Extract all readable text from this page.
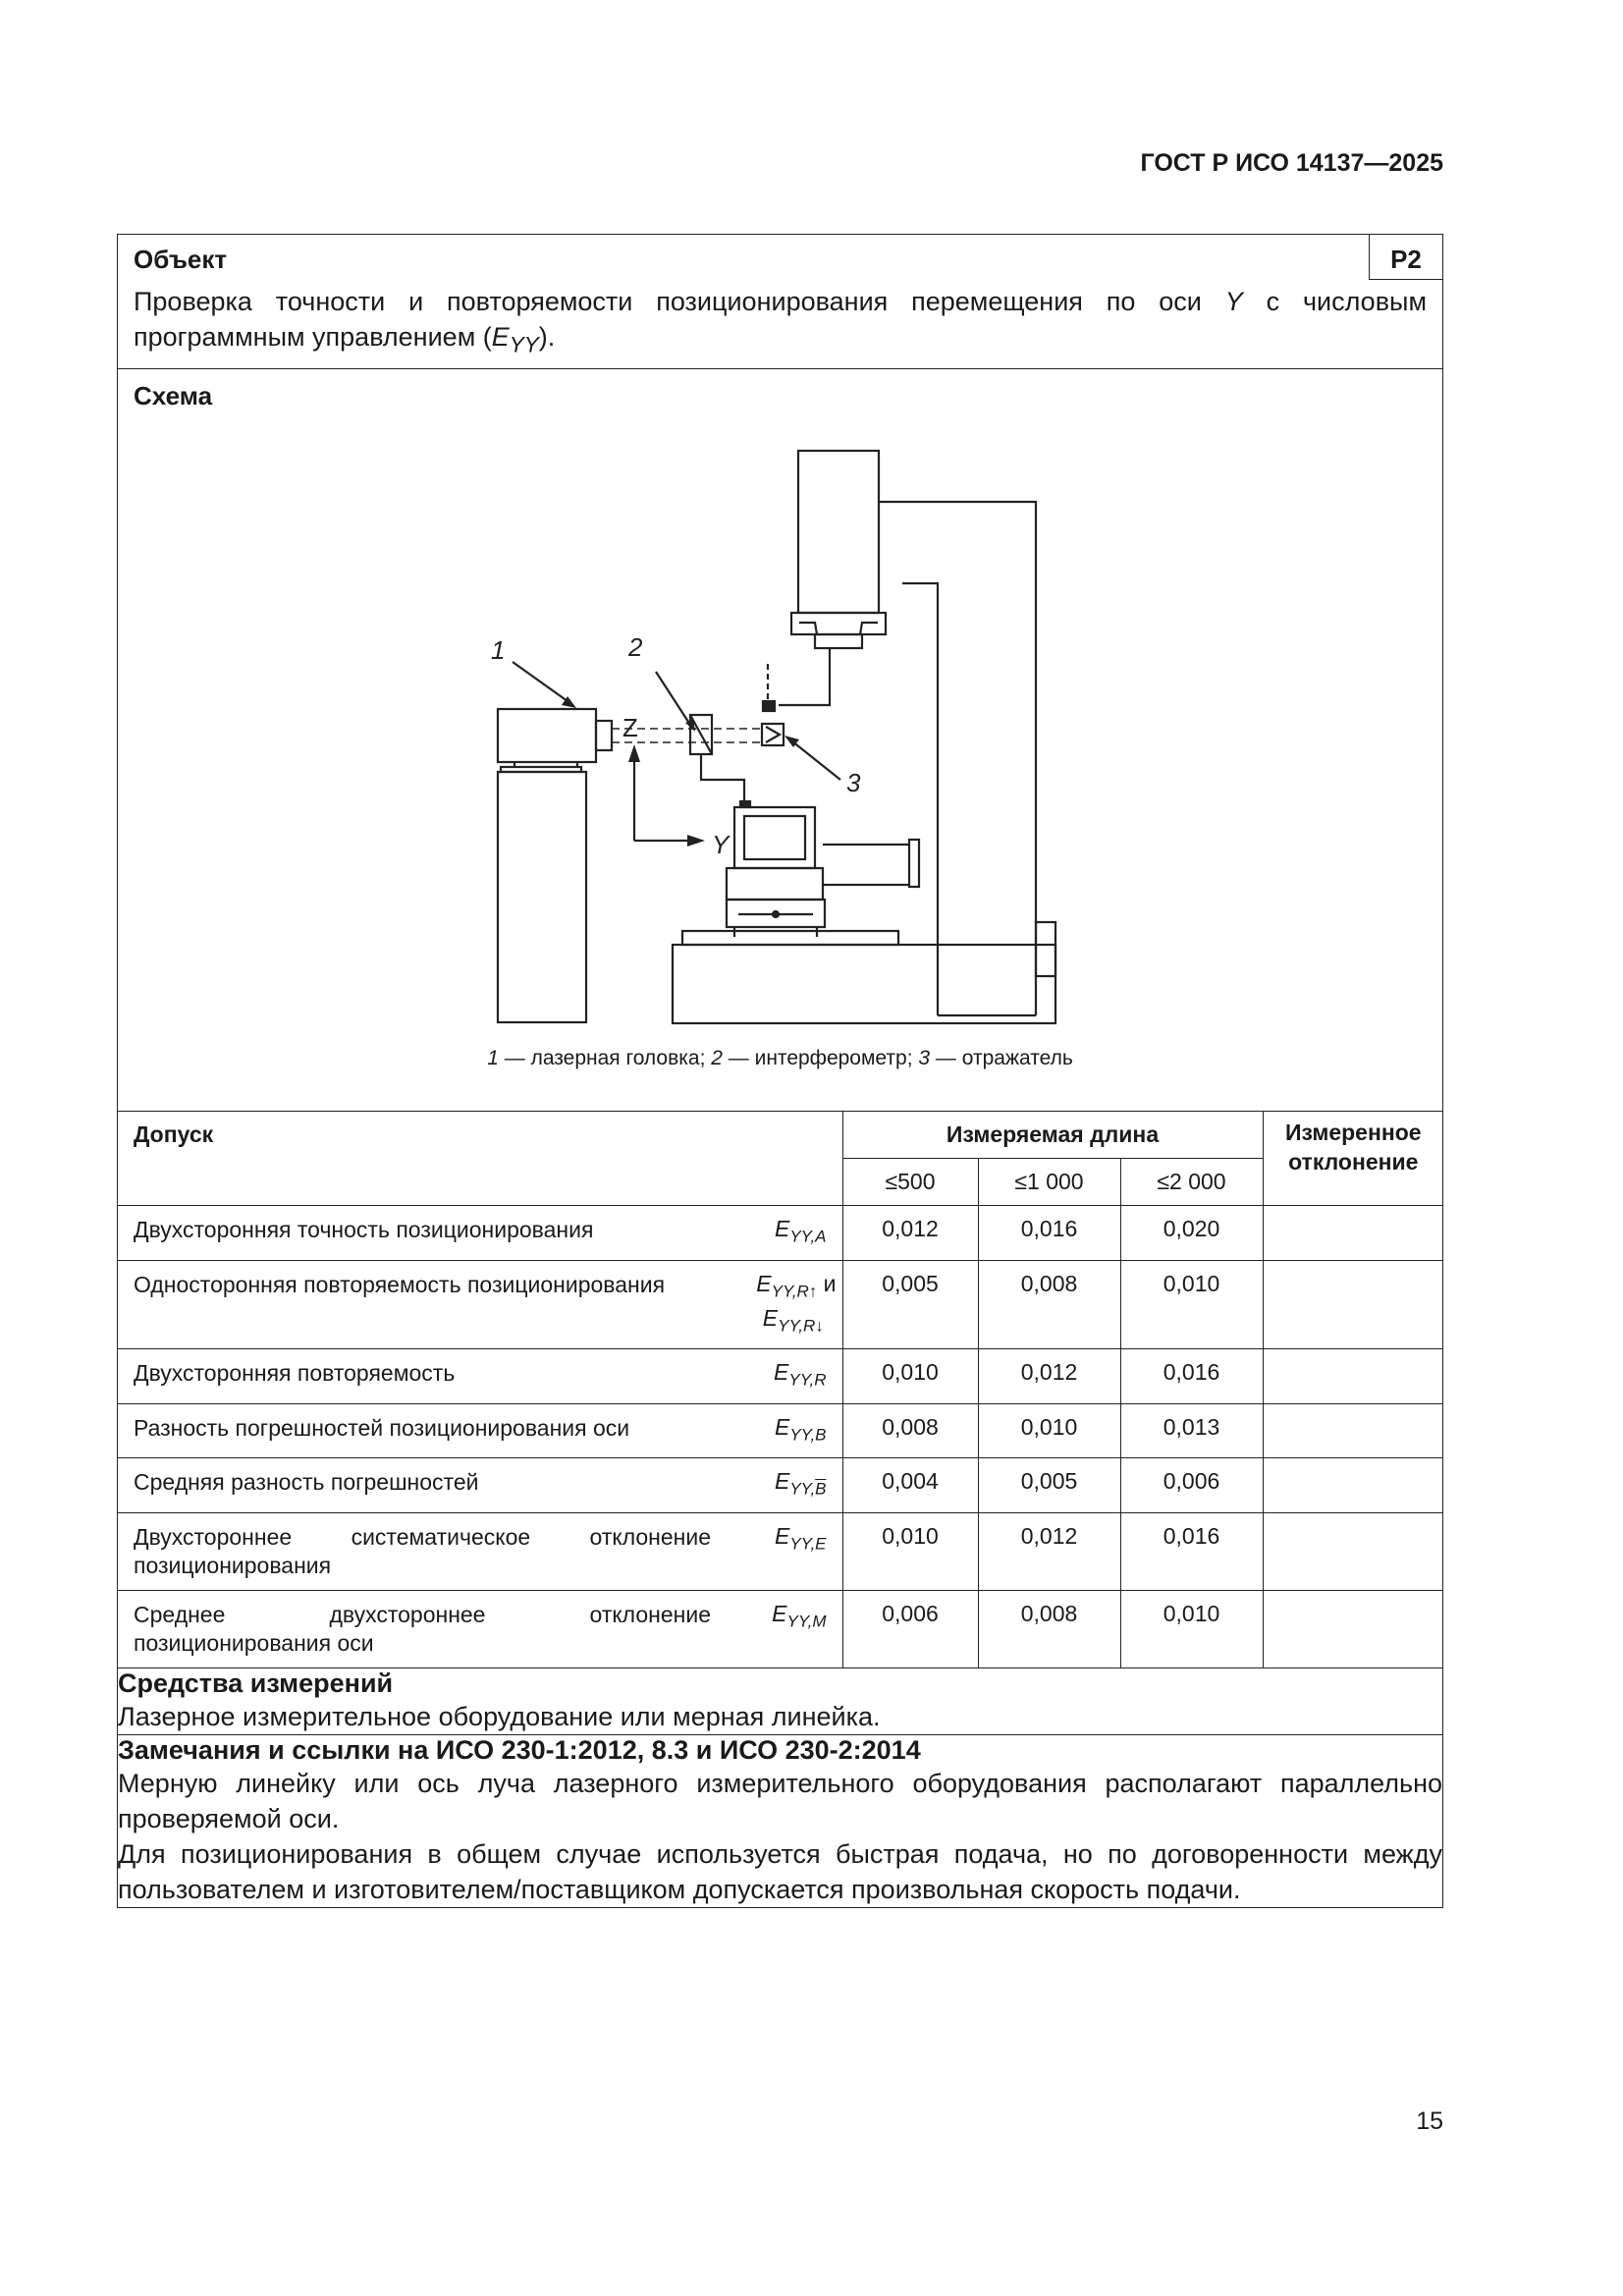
ГОСТ Р ИСО 14137—2025
Объект	P2
Проверка точности и повторяемости позиционирования перемещения по оси Y с числовым программным управлением $(E_{YY})$.

Схема
Z
Y
1	2
3
1 — лазерная головка; 2 — интерферометр; 3 — отражатель

Допуск	Измеряемая длина	Измеренное отклонение
≤500	≤1 000	≤2 000
Двухсторонняя точность позиционирования	$E_{YY,A}$	0,012	0,016	0,020	
Односторонняя повторяемость позиционирования	$E_{YY,R↑}$ и
$E_{YY,R↓}$	0,005	0,008	0,010	
Двухсторонняя повторяемость	$E_{YY,R}$	0,010	0,012	0,016	
Разность погрешностей позиционирования оси	$E_{YY,B}$	0,008	0,010	0,013	
Средняя разность погрешностей	$E_{YY,\overline{B}}$	0,004	0,005	0,006	
Двухстороннее систематическое отклонение позиционирования	$E_{YY,E}$	0,010	0,012	0,016	
Среднее двухстороннее отклонение позиционирования оси	$E_{YY,M}$	0,006	0,008	0,010	

Средства измерений
Лазерное измерительное оборудование или мерная линейка.

Замечания и ссылки на ИСО 230-1:2012, 8.3 и ИСО 230-2:2014
Мерную линейку или ось луча лазерного измерительного оборудования располагают параллельно проверяемой оси.
Для позиционирования в общем случае используется быстрая подача, но по договоренности между пользователем и изготовителем/поставщиком допускается произвольная скорость подачи.
15
